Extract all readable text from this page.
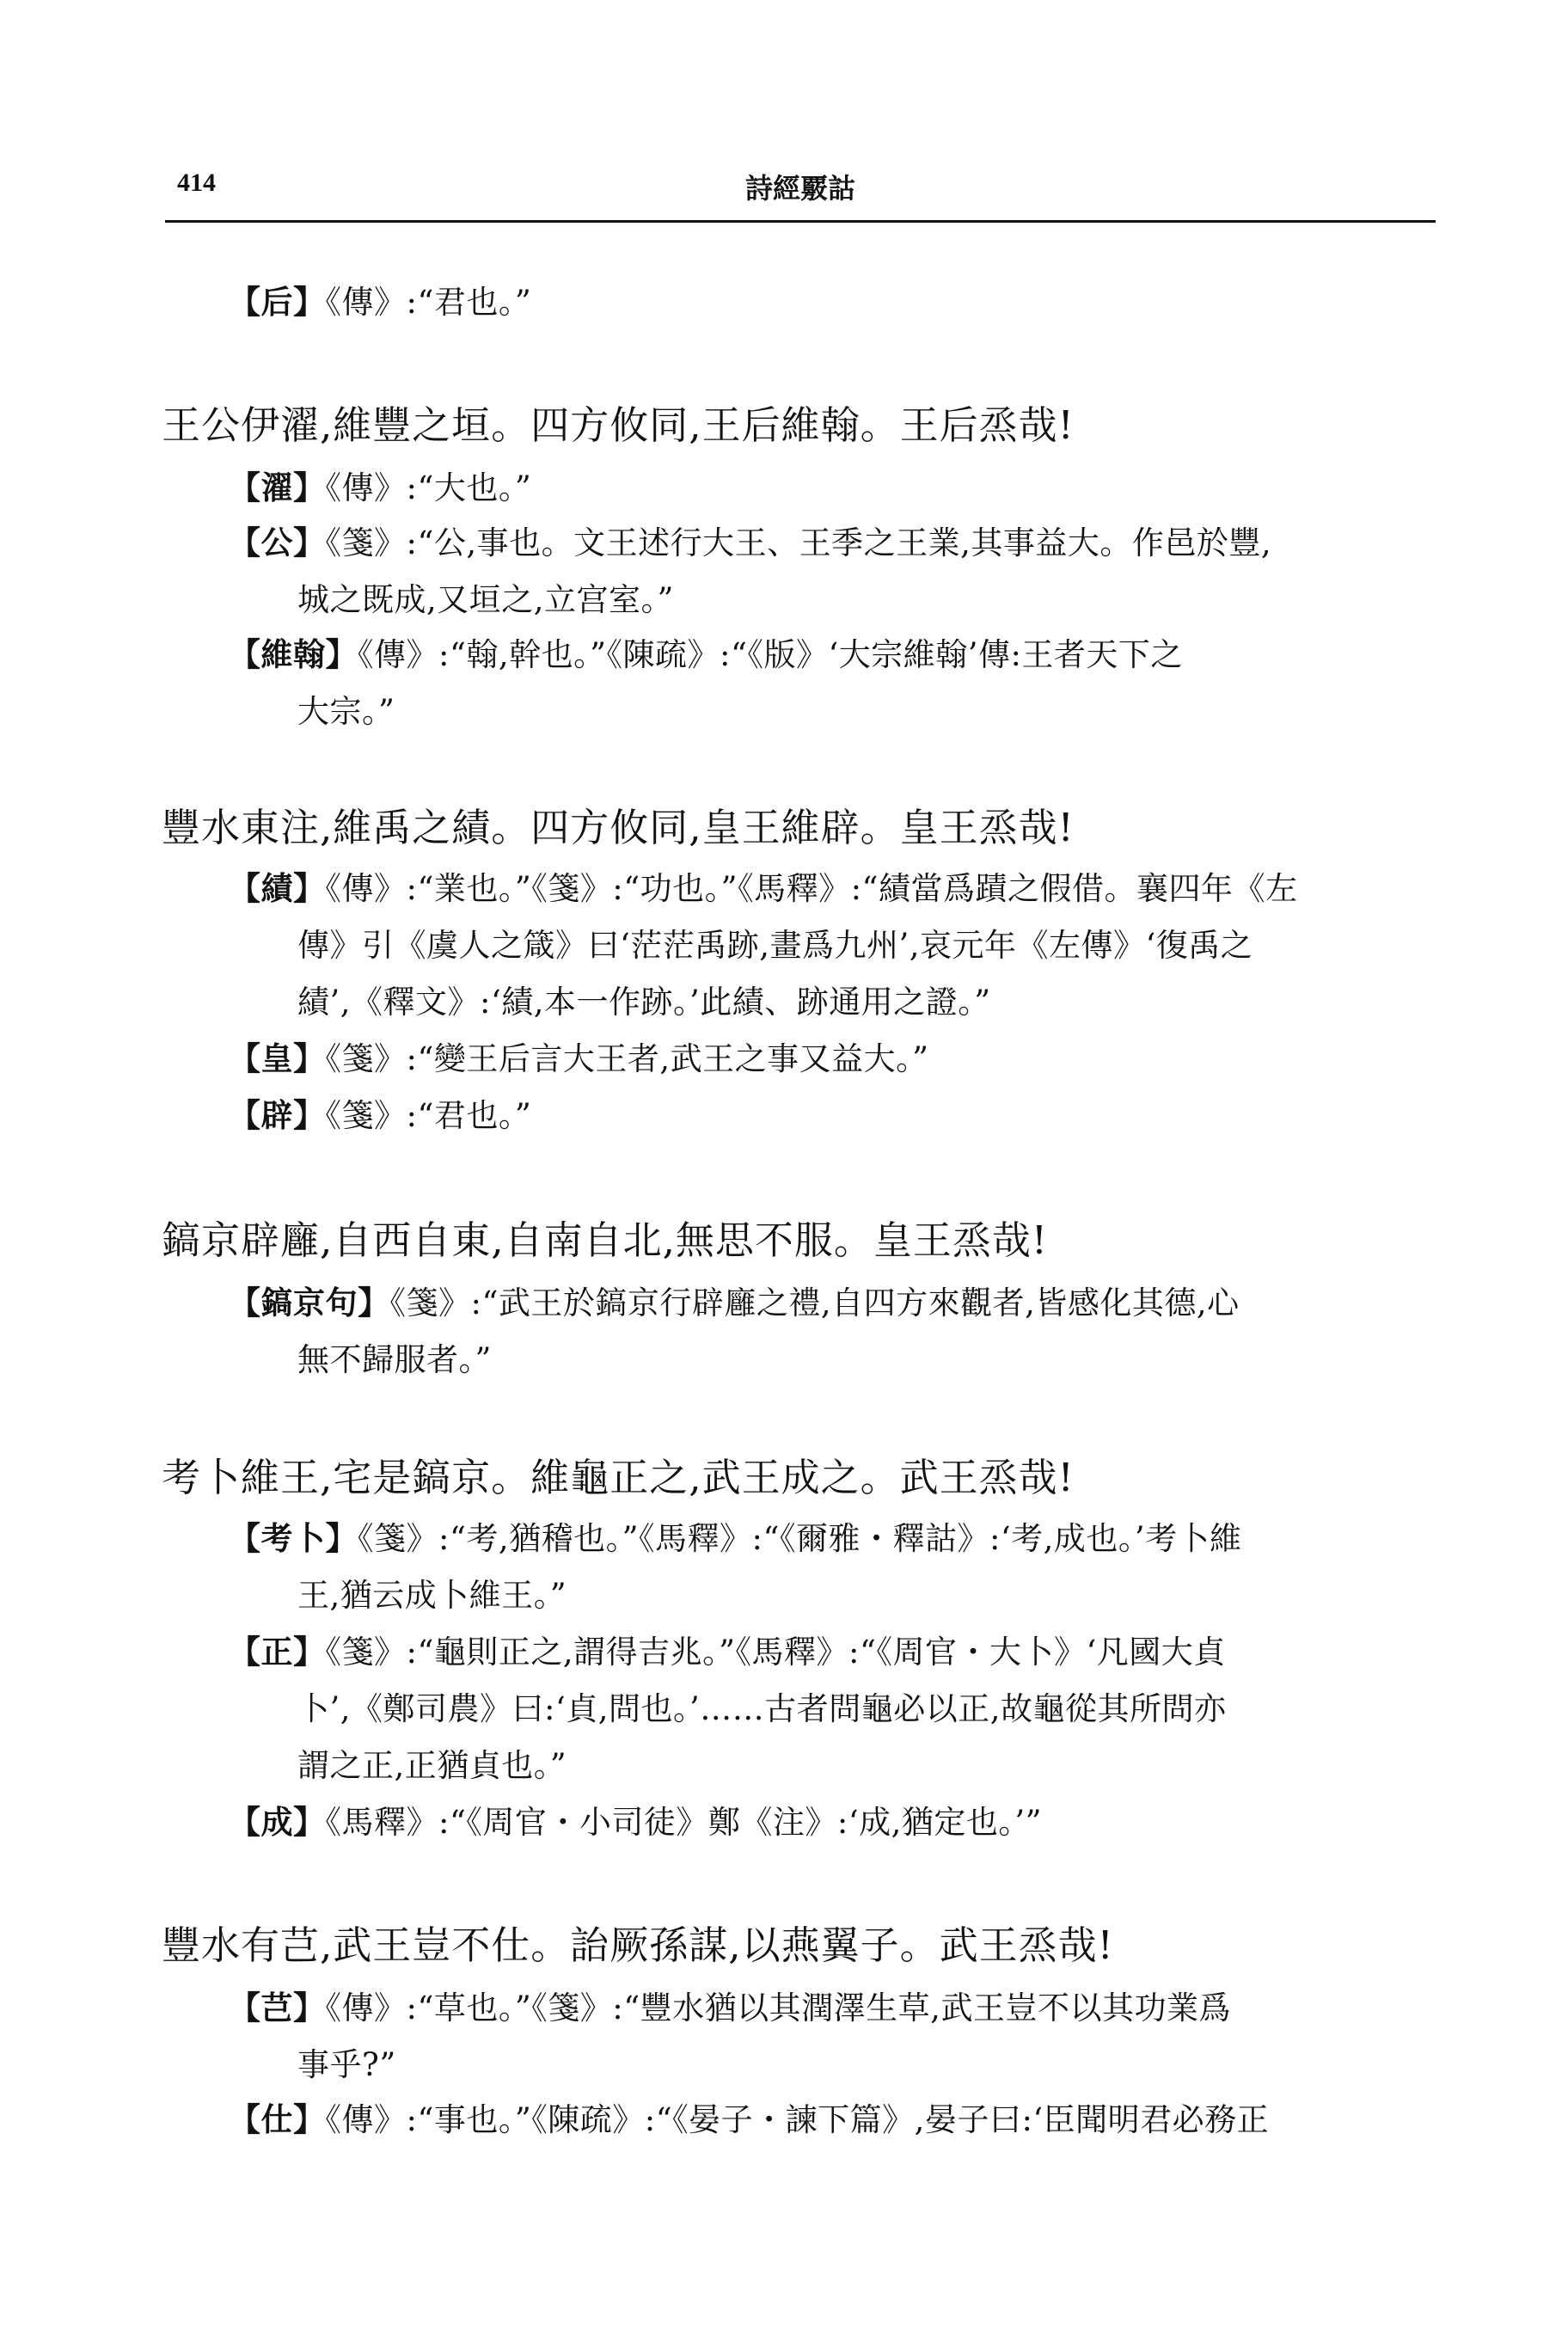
414	詩經覈詁
【后】《傳》:“君也。”
王公伊濯,維豐之垣。四方攸同,王后維翰。王后烝哉!
【濯】《傳》:“大也。”
【公】《箋》:“公,事也。文王述行大王、王季之王業,其事益大。作邑於豐,
城之既成,又垣之,立宫室。”
【維翰】《傳》:“翰,幹也。”《陳疏》:“《版》‘大宗維翰’傳:王者天下之
大宗。”
豐水東注,維禹之績。四方攸同,皇王維辟。皇王烝哉!
【績】《傳》:“業也。”《箋》:“功也。”《馬釋》:“績當爲蹟之假借。襄四年《左
傳》引《虞人之箴》曰‘茫茫禹跡,畫爲九州’,哀元年《左傳》‘復禹之
績’,《釋文》:‘績,本一作跡。’此績、跡通用之證。”
【皇】《箋》:“變王后言大王者,武王之事又益大。”
【辟】《箋》:“君也。”
鎬京辟廱,自西自東,自南自北,無思不服。皇王烝哉!
【鎬京句】《箋》:“武王於鎬京行辟廱之禮,自四方來觀者,皆感化其德,心
無不歸服者。”
考卜維王,宅是鎬京。維龜正之,武王成之。武王烝哉!
【考卜】《箋》:“考,猶稽也。”《馬釋》:“《爾雅・釋詁》:‘考,成也。’考卜維
王,猶云成卜維王。”
【正】《箋》:“龜則正之,謂得吉兆。”《馬釋》:“《周官・大卜》‘凡國大貞
卜’,《鄭司農》曰:‘貞,問也。’……古者問龜必以正,故龜從其所問亦
謂之正,正猶貞也。”
【成】《馬釋》:“《周官・小司徒》鄭《注》:‘成,猶定也。’”
豐水有芑,武王豈不仕。詒厥孫謀,以燕翼子。武王烝哉!
【芑】《傳》:“草也。”《箋》:“豐水猶以其潤澤生草,武王豈不以其功業爲
事乎?”
【仕】《傳》:“事也。”《陳疏》:“《晏子・諫下篇》,晏子曰:‘臣聞明君必務正
